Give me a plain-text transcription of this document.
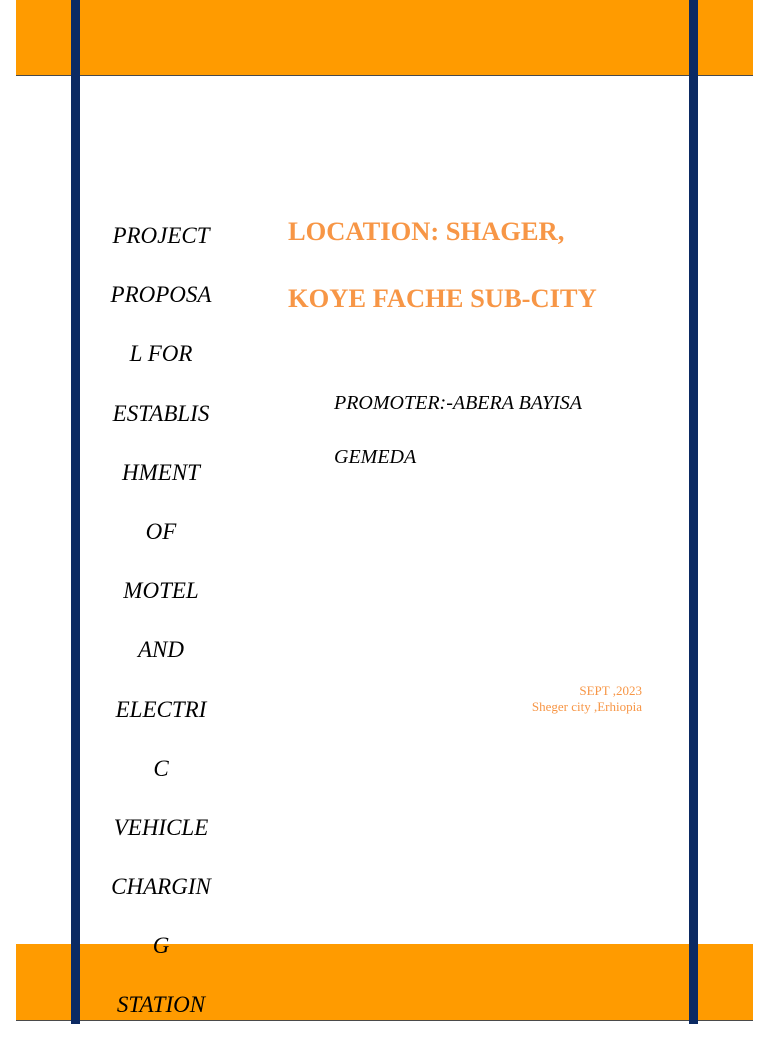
PROJECT
PROPOSA
L FOR
ESTABLIS
HMENT
OF
MOTEL
AND
ELECTRI
C
VEHICLE
CHARGIN
G
STATION

LOCATION: SHAGER,

KOYE FACHE SUB-CITY

PROMOTER:-ABERA BAYISA

GEMEDA

SEPT ,2023
Sheger city ,Erhiopia
